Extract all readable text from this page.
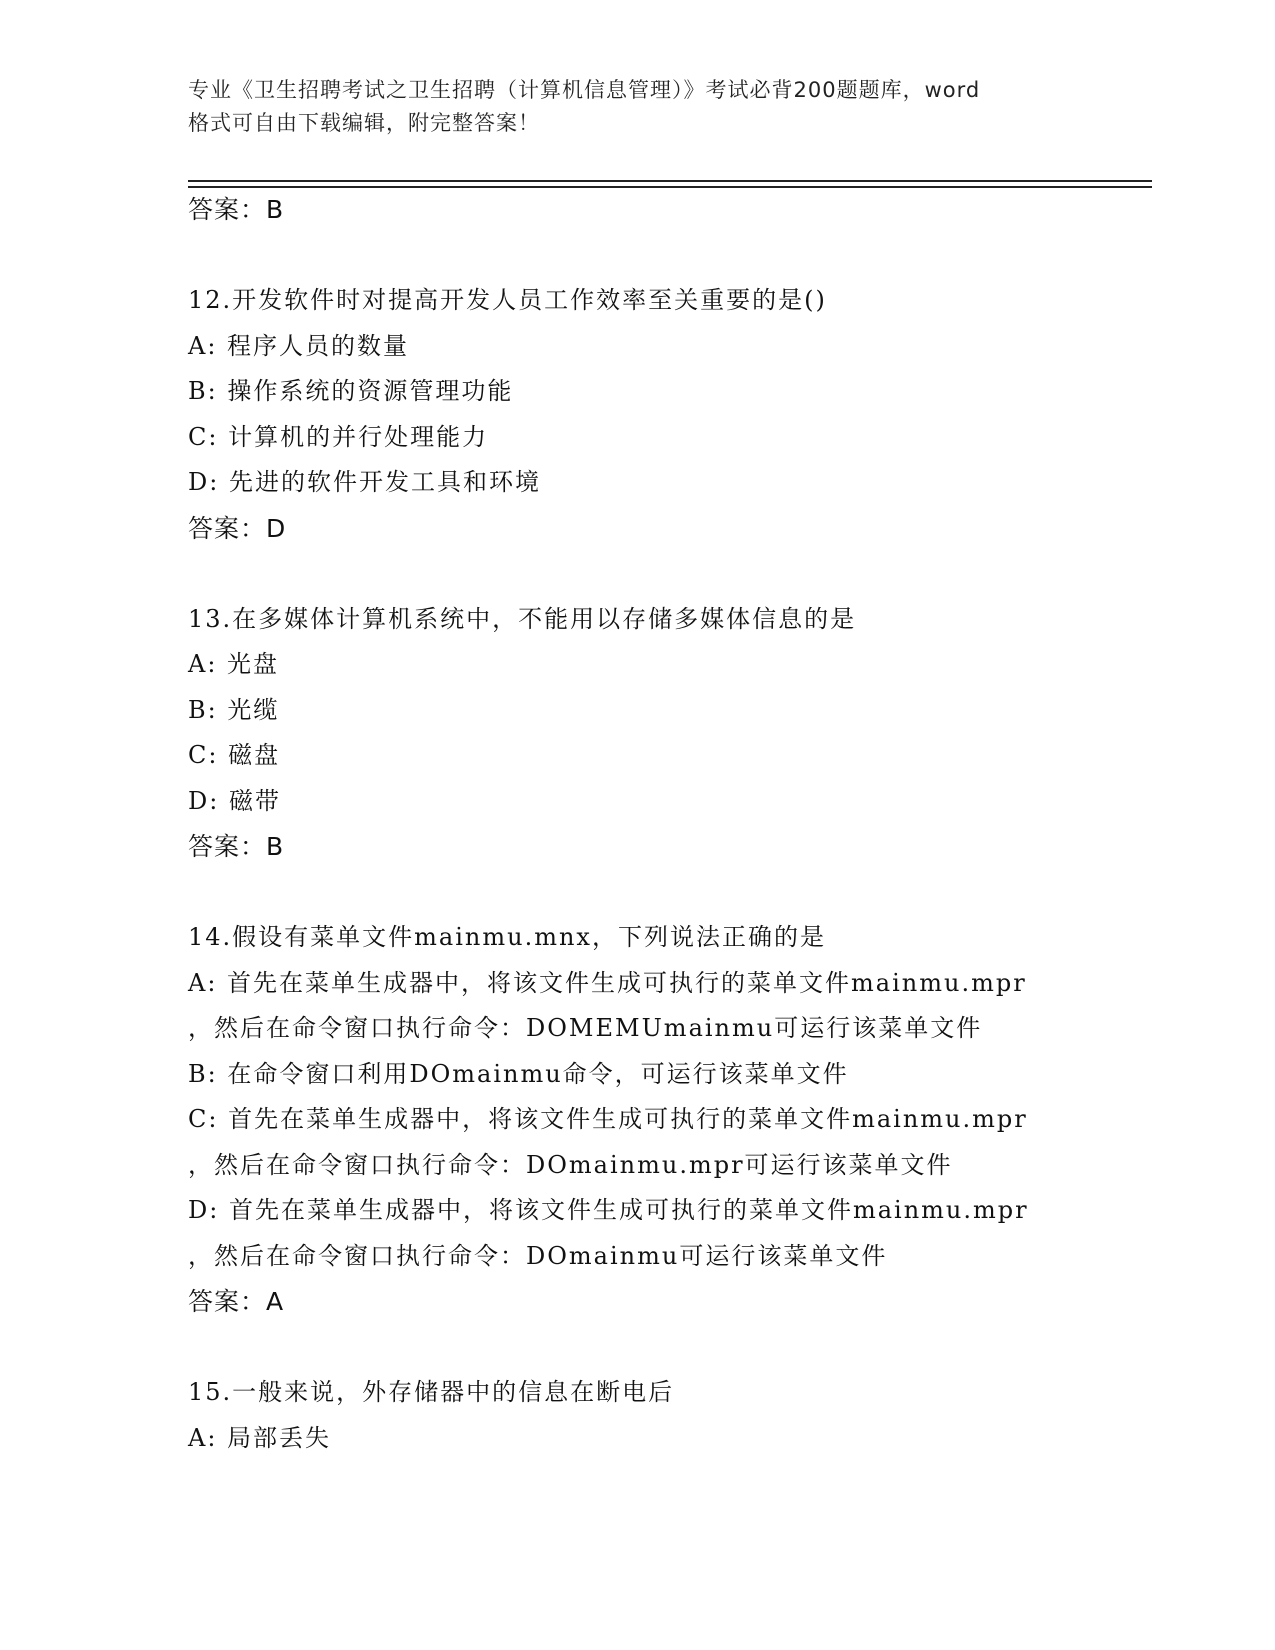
专业《卫生招聘考试之卫生招聘（计算机信息管理）》考试必背200题题库，word
格式可自由下载编辑，附完整答案！
答案：B
12.开发软件时对提高开发人员工作效率至关重要的是()
A: 程序人员的数量
B: 操作系统的资源管理功能
C: 计算机的并行处理能力
D: 先进的软件开发工具和环境
答案：D
13.在多媒体计算机系统中，不能用以存储多媒体信息的是
A: 光盘
B: 光缆
C: 磁盘
D: 磁带
答案：B
14.假设有菜单文件mainmu.mnx，下列说法正确的是
A: 首先在菜单生成器中，将该文件生成可执行的菜单文件mainmu.mpr
，然后在命令窗口执行命令：DOMEMUmainmu可运行该菜单文件
B: 在命令窗口利用DOmainmu命令，可运行该菜单文件
C: 首先在菜单生成器中，将该文件生成可执行的菜单文件mainmu.mpr
，然后在命令窗口执行命令：DOmainmu.mpr可运行该菜单文件
D: 首先在菜单生成器中，将该文件生成可执行的菜单文件mainmu.mpr
，然后在命令窗口执行命令：DOmainmu可运行该菜单文件
答案：A
15.一般来说，外存储器中的信息在断电后
A: 局部丢失
